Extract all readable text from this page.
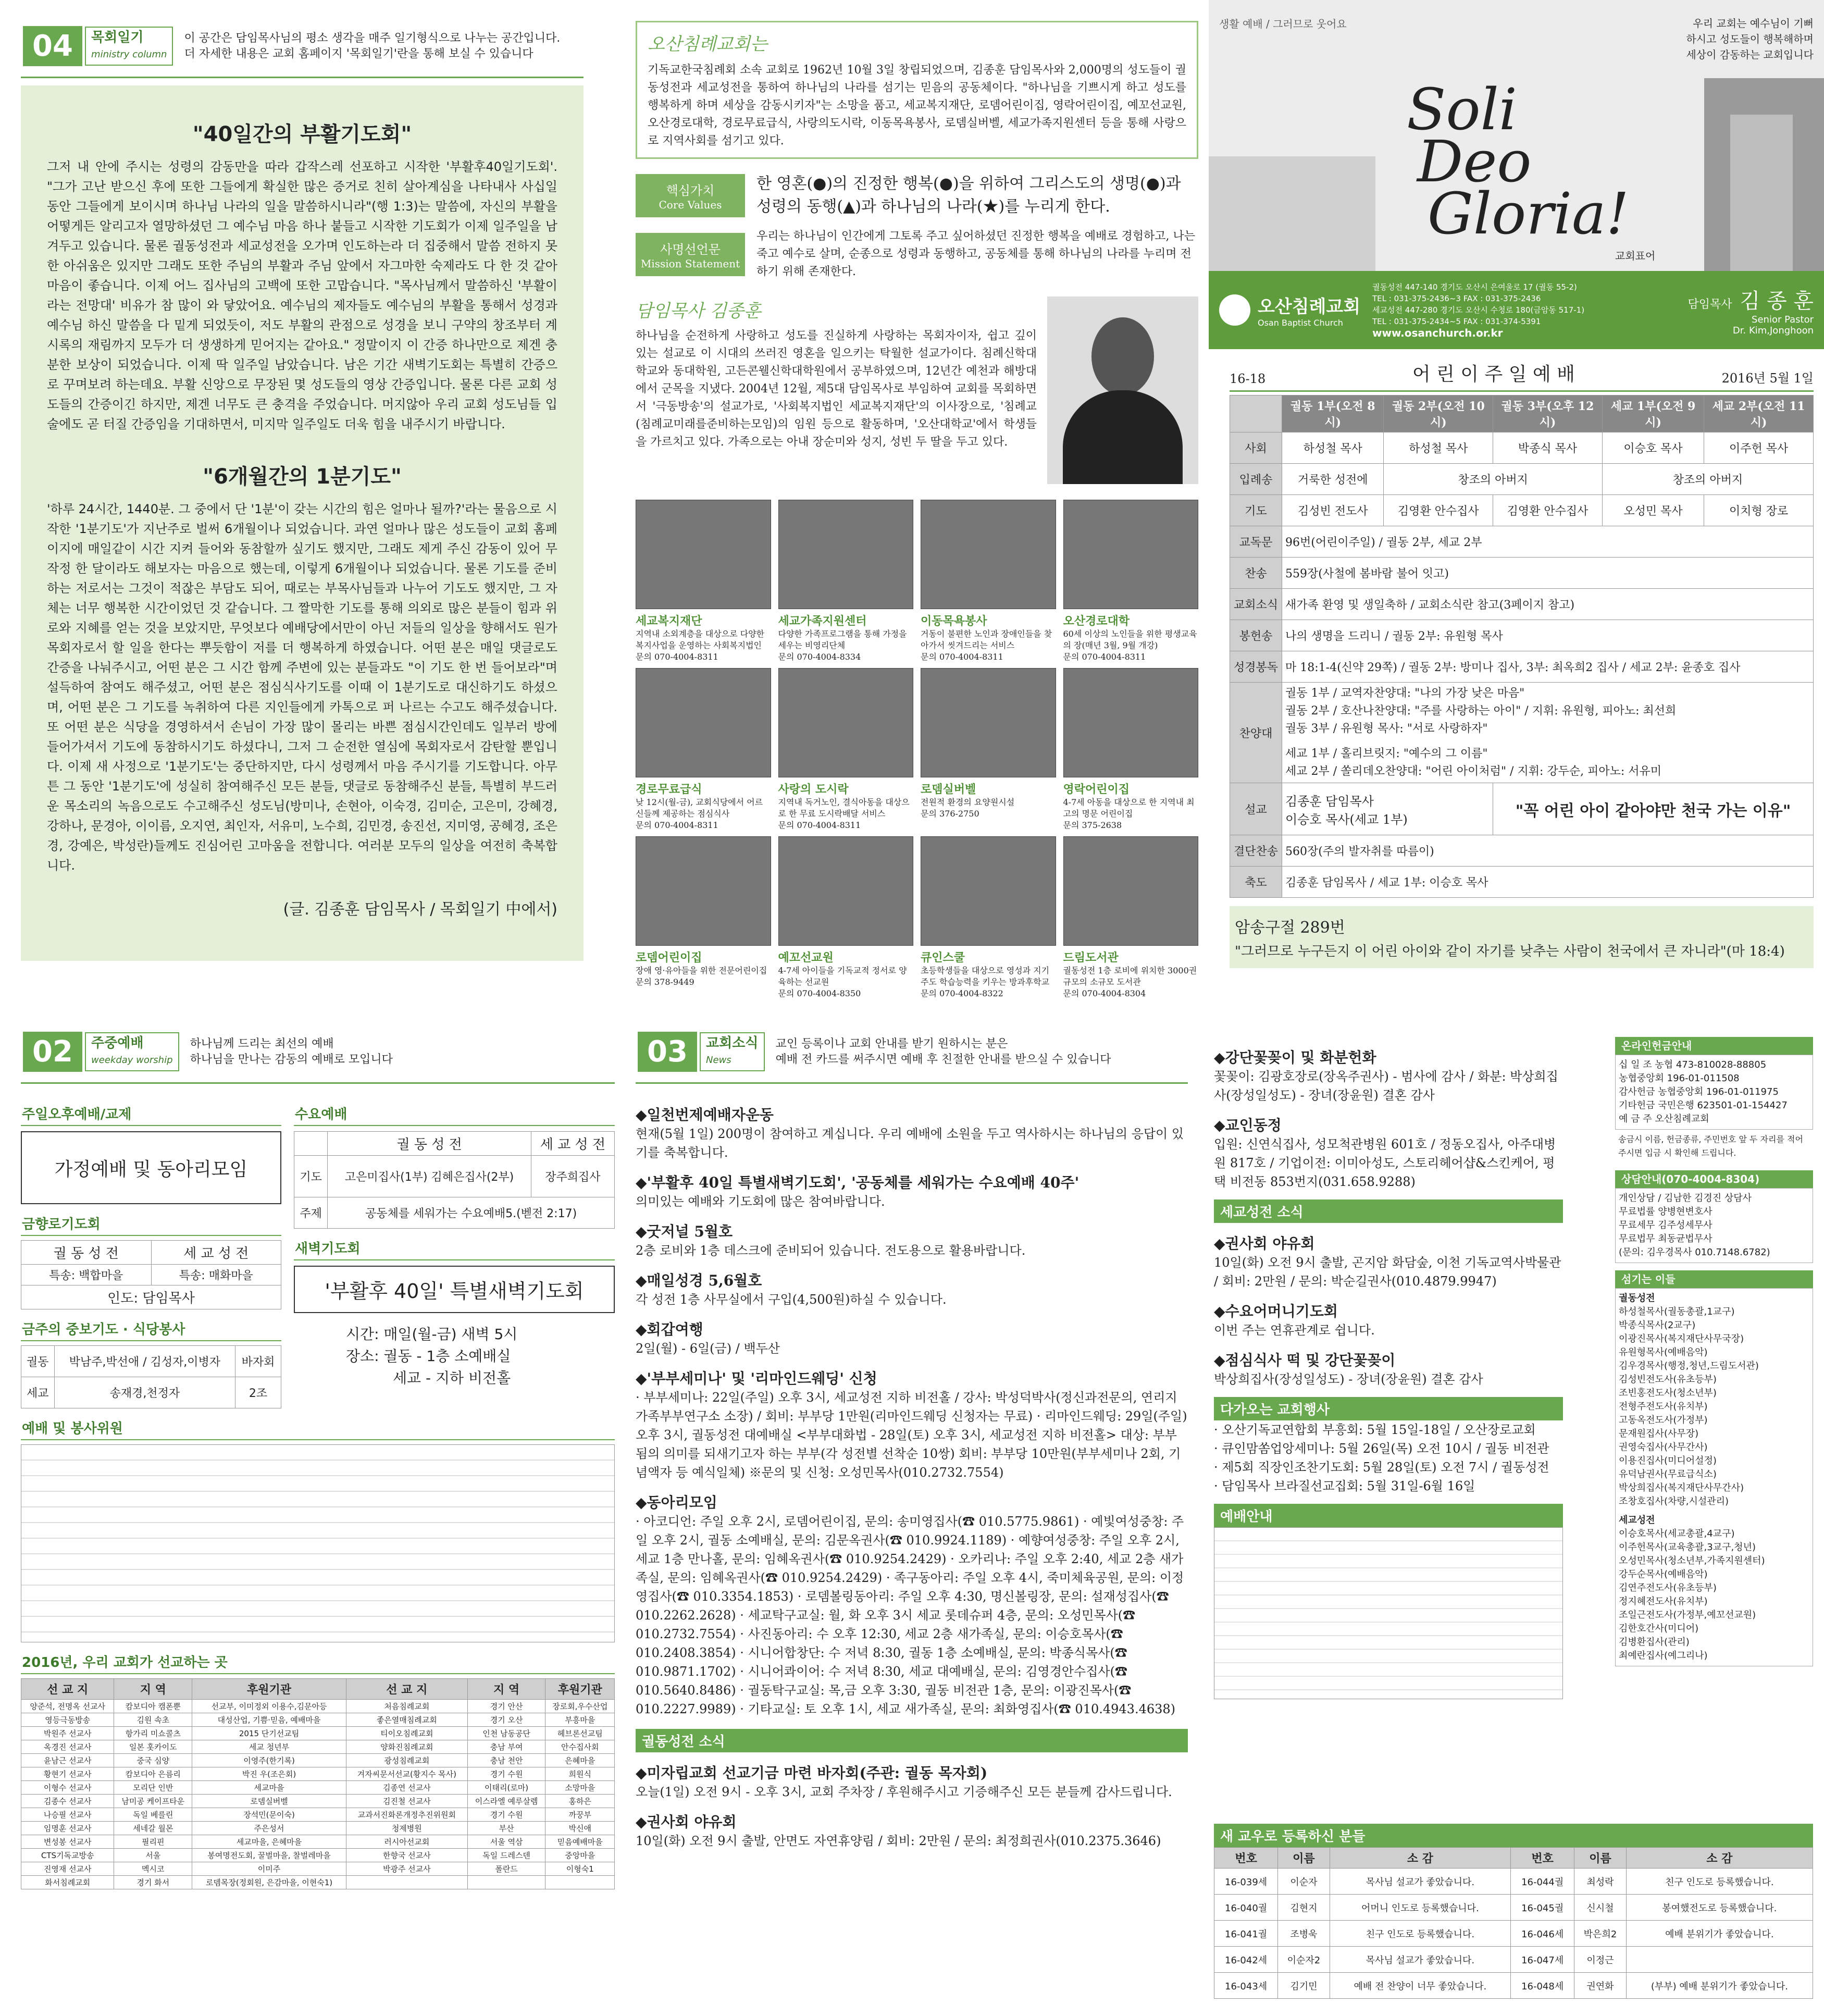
04 목회일기
ministry column 이 공간은 담임목사님의 평소 생각을 매주 일기형식으로 나누는 공간입니다.
더 자세한 내용은 교회 홈페이지 '목회일기'란을 통해 보실 수 있습니다
"40일간의 부활기도회"

그저 내 안에 주시는 성령의 감동만을 따라 갑작스레 선포하고 시작한 '부활후40일기도회'. "그가 고난 받으신 후에 또한 그들에게 확실한 많은 증거로 친히 살아계심을 나타내사 사십일 동안 그들에게 보이시며 하나님 나라의 일을 말씀하시니라"(행 1:3)는 말씀에, 자신의 부활을 어떻게든 알리고자 열망하셨던 그 예수님 마음 하나 붙들고 시작한 기도회가 이제 일주일을 남겨두고 있습니다. 물론 궐동성전과 세교성전을 오가며 인도하는라 더 집중해서 말씀 전하지 못한 아쉬움은 있지만 그래도 또한 주님의 부활과 주님 앞에서 자그마한 숙제라도 다 한 것 같아 마음이 좋습니다. 이제 어느 집사님의 고백에 또한 고맙습니다. "목사님께서 말씀하신 '부활이라는 전망대' 비유가 참 많이 와 닿았어요. 예수님의 제자들도 예수님의 부활을 통해서 성경과 예수님 하신 말씀을 다 밑게 되었듯이, 저도 부활의 관점으로 성경을 보니 구약의 창조부터 계시록의 재림까지 모두가 더 생생하게 믿어지는 같아요." 정말이지 이 간증 하나만으로 제겐 충분한 보상이 되었습니다. 이제 딱 일주일 남았습니다. 남은 기간 새벽기도회는 특별히 간증으로 꾸며보려 하는데요. 부활 신앙으로 무장된 몇 성도들의 영상 간증입니다. 물론 다른 교회 성도들의 간증이긴 하지만, 제겐 너무도 큰 충격을 주었습니다. 머지않아 우리 교회 성도님들 입술에도 곧 터질 간증임을 기대하면서, 미지막 일주일도 더욱 힘을 내주시기 바랍니다.

"6개월간의 1분기도"

'하루 24시간, 1440분. 그 중에서 단 '1분'이 갖는 시간의 힘은 얼마나 될까?'라는 물음으로 시작한 '1분기도'가 지난주로 벌써 6개월이나 되었습니다. 과연 얼마나 많은 성도들이 교회 홈페이지에 매일같이 시간 지켜 들어와 동참할까 싶기도 했지만, 그래도 제게 주신 감동이 있어 무작정 한 달이라도 해보자는 마음으로 했는데, 이렇게 6개월이나 되었습니다. 물론 기도를 준비하는 저로서는 그것이 적잖은 부담도 되어, 때로는 부목사님들과 나누어 기도도 했지만, 그 자체는 너무 행복한 시간이었던 것 같습니다. 그 짤막한 기도를 통해 의외로 많은 분들이 힘과 위로와 지혜를 얻는 것을 보았지만, 무엇보다 예배당에서만이 아닌 저들의 일상을 향해서도 원가 목회자로서 할 일을 한다는 뿌듯함이 저를 더 행복하게 하였습니다. 어떤 분은 매일 댓글로도 간증을 나눠주시고, 어떤 분은 그 시간 함께 주변에 있는 분들과도 "이 기도 한 번 들어보라"며 설득하여 참여도 해주셨고, 어떤 분은 점심식사기도를 이때 이 1분기도로 대신하기도 하셨으며, 어떤 분은 그 기도를 녹취하여 다른 지인들에게 카톡으로 퍼 나르는 수고도 해주셨습니다. 또 어떤 분은 식당을 경영하셔서 손님이 가장 많이 몰리는 바쁜 점심시간인데도 일부러 방에 들어가셔서 기도에 동참하시기도 하셨다니, 그저 그 순전한 열심에 목회자로서 감탄할 뿐입니다. 이제 새 사정으로 '1분기도'는 중단하지만, 다시 성령께서 마음 주시기를 기도합니다. 아무튼 그 동안 '1분기도'에 성실히 참여해주신 모든 분들, 댓글로 동참해주신 분들, 특별히 부드러운 목소리의 녹음으로도 수고해주신 성도님(방미나, 손현아, 이숙경, 김미순, 고은미, 강혜경, 강하나, 문경아, 이이름, 오지연, 최인자, 서유미, 노수희, 김민경, 송진선, 지미영, 공혜경, 조은경, 강예은, 박성란)들께도 진심어린 고마움을 전합니다. 여러분 모두의 일상을 여전히 축복합니다.

(글. 김종훈 담임목사 / 목회일기 中에서)

오산침례교회는

기독교한국침례회 소속 교회로 1962년 10월 3일 창립되었으며, 김종훈 담임목사와 2,000명의 성도들이 궐동성전과 세교성전을 통하여 하나님의 나라를 섬기는 믿음의 공동체이다. "하나님을 기쁘시게 하고 성도를 행복하게 하며 세상을 감동시키자"는 소망을 품고, 세교복지재단, 로뎀어린이집, 영락어린이집, 예꼬선교원, 오산경로대학, 경로무료급식, 사랑의도시락, 이동목욕봉사, 로뎀실버벨, 세교가족지원센터 등을 통해 사랑으로 지역사회를 섬기고 있다.

핵심가치
Core Values
한 영혼(●)의 진정한 행복(●)을 위하여 그리스도의 생명(●)과 성령의 동행(▲)과 하나님의 나라(★)를 누리게 한다.
사명선언문
Mission Statement
우리는 하나님이 인간에게 그토록 주고 싶어하셨던 진정한 행복을 예배로 경험하고, 나는 죽고 예수로 살며, 순종으로 성령과 동행하고, 공동체를 통해 하나님의 나라를 누리며 전하기 위해 존재한다.
담임목사 김종훈

하나님을 순전하게 사랑하고 성도를 진실하게 사랑하는 목회자이자, 쉽고 깊이 있는 설교로 이 시대의 쓰러진 영혼을 일으키는 탁월한 설교가이다. 침례신학대학교와 동대학원, 고든콘웰신학대학원에서 공부하였으며, 12년간 예천과 해방대에서 군목을 지냈다. 2004년 12월, 제5대 담임목사로 부임하여 교회를 목회하면서 '극동방송'의 설교가로, '사회복지법인 세교복지재단'의 이사장으로, '침례교(침례교미래를준비하는모임)의 임원 등으로 활동하며, '오산대학교'에서 학생들을 가르치고 있다. 가족으로는 아내 장순미와 성지, 성빈 두 딸을 두고 있다.

세교복지재단
지역내 소외계층을 대상으로 다양한 복지사업을 운영하는 사회복지법인
문의 070-4004-8311
세교가족지원센터
다양한 가족프로그램을 통해 가정을 세우는 비영리단체
문의 070-4004-8334
이동목욕봉사
거동이 불편한 노인과 장애인들을 찾아가서 씻겨드리는 서비스
문의 070-4004-8311
오산경로대학
60세 이상의 노인들을 위한 평생교육의 장(매년 3월, 9월 개강)
문의 070-4004-8311
경로무료급식
낮 12시(월-금), 교회식당에서 어르신들께 제공하는 점심식사
문의 070-4004-8311
사랑의 도시락
지역내 독거노인, 결식아동을 대상으로 한 무료 도시락배달 서비스
문의 070-4004-8311
로뎀실버벨
전원적 환경의 요양원시설
문의 376-2750
영락어린이집
4-7세 아동을 대상으로 한 지역내 최고의 명문 어린이집
문의 375-2638
로뎀어린이집
장애 영·유아들을 위한 전문어린이집
문의 378-9449
예꼬선교원
4-7세 아이들을 기독교적 정서로 양육하는 선교원
문의 070-4004-8350
큐인스쿨
초등학생들을 대상으로 영성과 지기주도 학습능력을 키우는 방과후학교
문의 070-4004-8322
드림도서관
궐동성전 1층 로비에 위치한 3000권 규모의 소규모 도서관
문의 070-4004-8304
생활 예배 / 그러므로 웃어요	우리 교회는 예수님이 기뻐하시고 성도들이 행복해하며 세상이 감동하는 교회입니다
Soli
Deo
Gloria!
교회표어
오산침례교회
Osan Baptist Church
궐동성전 447-140 경기도 오산시 은여울로 17 (궐동 55-2)
TEL : 031-375-2436~3 FAX : 031-375-2436
세교성전 447-280 경기도 오산시 수청로 180(금암동 517-1)
TEL : 031-375-2434~5 FAX : 031-374-5391
www.osanchurch.or.kr
담임목사 김 종 훈
Senior Pastor
Dr. Kim,Jonghoon
16-18	어 린 이 주 일 예 배	2016년 5월 1일
	궐동 1부(오전 8시)	궐동 2부(오전 10시)	궐동 3부(오후 12시)	세교 1부(오전 9시)	세교 2부(오전 11시)
사회	하성철 목사	하성철 목사	박종식 목사	이승호 목사	이주헌 목사
입례송	거룩한 성전에	창조의 아버지		창조의 아버지	
기도	김성빈 전도사	김영환 안수집사	김영환 안수집사	오성민 목사	이치형 장로
교독문	96번(어린이주일) / 궐동 2부, 세교 2부				
찬송	559장(사철에 봄바람 불어 잇고)				
교회소식	새가족 환영 및 생일축하 / 교회소식란 참고(3페이지 참고)				
봉헌송	나의 생명을 드리니 / 궐동 2부: 유원형 목사				
성경봉독	마 18:1-4(신약 29쪽) / 궐동 2부: 방미나 집사, 3부: 최옥희2 집사 / 세교 2부: 윤종호 집사				
찬양대	궐동 1부 / 교역자찬양대: "나의 가장 낮은 마음"
궐동 2부 / 호산나찬양대: "주를 사랑하는 아이" / 지휘: 유원형, 피아노: 최선희
궐동 3부 / 유원형 목사: "서로 사랑하자"
세교 1부 / 홀리브릿지: "예수의 그 이름"
세교 2부 / 쏠리데오찬양대: "어린 아이처럼" / 지휘: 강두순, 피아노: 서유미				

설교	김종훈 담임목사
이승호 목사(세교 1부)		"꼭 어린 아이 같아야만 천국 가는 이유"		
결단찬송	560장(주의 발자취를 따름이)				
축도	김종훈 담임목사 / 세교 1부: 이승호 목사				
암송구절 289번
"그러므로 누구든지 이 어린 아이와 같이 자기를 낮추는 사람이 천국에서 큰 자니라"(마 18:4)
02 주중예배
weekday worship 하나님께 드리는 최선의 예배
하나님을 만나는 감동의 예배로 모입니다
주일오후예배/교제
가정예배 및 동아리모임
금향로기도회
궐 동 성 전	세 교 성 전
특송: 백합마을	특송: 매화마을
인도: 담임목사	
금주의 중보기도 · 식당봉사
궐동	박남주,박선애 / 김성자,이병자	바자회
세교	송재경,천정자	2조
수요예배
	궐 동 성 전	세 교 성 전
기도	고은미집사(1부) 김혜은집사(2부)	장주희집사
주제	공동체를 세워가는 수요예배5.(벧전 2:17)	
새벽기도회
'부활후 40일' 특별새벽기도회
시간: 매일(월-금) 새벽 5시
장소: 궐동 - 1층 소예배실
세교 - 지하 비전홀
예배 및 봉사위원
2016년, 우리 교회가 선교하는 곳
선 교 지	지 역	후원기관	선 교 지	지 역	후원기관
양준석, 전명옥 선교사	캄보디아 캠폰뿐	선교부, 이미정외 이용수,김문아등	처음침례교회	경기 안산	장로회,우수산업
영등극동방송	김원 속초	대성산업, 기쁨·믿음, 예배마을	좋은열매침례교회	경기 오산	부흥마을
박원주 선교사	항가리 미쇼콜츠	2015 단기선교팀	티이오침례교회	인천 남동공단	헤브론선교팀
옥경진 선교사	일본 홋카이도	세교 청년부	양화진침례교회	충남 부여	안수집사회
윤남근 선교사	중국 심양	이영주(한기록)	광성침례교회	충남 천안	은혜마을
황현기 선교사	캄보디아 은름리	박진 우(조은회)	겨자씨문서선교(황지수 목사)	경기 수원	희원식
이형수 선교사	모리단 인반	세교마을	김종연 선교사	이태리(로마)	소망마을
김종수 선교사	남미공 케이프타운	로뎀실버벨	김진철 선교사	이스라엘 예루살렘	홍하은
나승필 선교사	독일 베를린	장석민(문이숙)	교과서진화론개정추진위원회	경기 수원	까꿍부
임명훈 선교사	세네갈 월몬	주은성서	청제병원	부산	박신애
변성봉 선교사	필리핀	세교마을, 은혜마을	러시아선교회	서울 역삼	믿음예배마을
CTS기독교방송	서울	봉여명전도회, 꿀벌마을, 찰벌레마을	한향국 선교사	독일 드레스덴	중앙마을
진영재 선교사	멕시코	이미주	박광주 선교사	폴란드	이형숙1
화서침례교회	경기 화서	로뎀목장(정회원, 은감마을, 이현숙1)			
03 교회소식
News 교인 등록이나 교회 안내를 받기 원하시는 분은
예배 전 카드를 써주시면 예배 후 친절한 안내를 받으실 수 있습니다
◆일천번제예배자운동
현재(5월 1일) 200명이 참여하고 계십니다. 우리 예배에 소원을 두고 역사하시는 하나님의 응답이 있기를 축복합니다.
◆'부활후 40일 특별새벽기도회', '공동체를 세워가는 수요예배 40주'
의미있는 예배와 기도회에 많은 참여바랍니다.
◆굿저널 5월호
2층 로비와 1층 데스크에 준비되어 있습니다. 전도용으로 활용바랍니다.
◆매일성경 5,6월호
각 성전 1층 사무실에서 구입(4,500원)하실 수 있습니다.
◆회갑여행
2일(월) - 6일(금) / 백두산
◆'부부세미나' 및 '리마인드웨딩' 신청
· 부부세미나: 22일(주일) 오후 3시, 세교성전 지하 비전홀 / 강사: 박성덕박사(정신과전문의, 연리지가족부부연구소 소장) / 회비: 부부당 1만원(리마인드웨딩 신청자는 무료) · 리마인드웨딩: 29일(주일) 오후 3시, 궐동성전 대예배실 <부부대화법 - 28일(토) 오후 3시, 세교성전 지하 비전홀> 대상: 부부됨의 의미를 되새기고자 하는 부부(각 성전별 선착순 10쌍) 회비: 부부당 10만원(부부세미나 2회, 기념액자 등 예식일체) ※문의 및 신청: 오성민목사(010.2732.7554)
◆동아리모임
· 아코디언: 주일 오후 2시, 로뎀어린이집, 문의: 송미영집사(☎ 010.5775.9861) · 예빛여성중창: 주일 오후 2시, 궐동 소예배실, 문의: 김문옥권사(☎ 010.9924.1189) · 예향여성중창: 주일 오후 2시, 세교 1층 만나홀, 문의: 임혜옥권사(☎ 010.9254.2429) · 오카리나: 주일 오후 2:40, 세교 2층 새가족실, 문의: 임혜옥권사(☎ 010.9254.2429) · 족구동아리: 주일 오후 4시, 죽미체육공원, 문의: 이정영집사(☎ 010.3354.1853) · 로뎀볼링동아리: 주일 오후 4:30, 명신볼링장, 문의: 설재성집사(☎ 010.2262.2628) · 세교탁구교실: 월, 화 오후 3시 세교 롯데슈퍼 4층, 문의: 오성민목사(☎ 010.2732.7554) · 사진동아리: 수 오후 12:30, 세교 2층 새가족실, 문의: 이승호목사(☎ 010.2408.3854) · 시니어합창단: 수 저녁 8:30, 궐동 1층 소예배실, 문의: 박종식목사(☎ 010.9871.1702) · 시니어콰이어: 수 저녁 8:30, 세교 대예배실, 문의: 김영경안수집사(☎ 010.5640.8486) · 궐동탁구교실: 목,금 오후 3:30, 궐동 비전관 1층, 문의: 이광진목사(☎ 010.2227.9989) · 기타교실: 토 오후 1시, 세교 새가족실, 문의: 최화영집사(☎ 010.4943.4638)
궐동성전 소식
◆미자립교회 선교기금 마련 바자회(주관: 궐동 목자회)
오늘(1일) 오전 9시 - 오후 3시, 교회 주차장 / 후원해주시고 기증해주신 모든 분들께 감사드립니다.
◆권사회 야유회
10일(화) 오전 9시 출발, 안면도 자연휴양림 / 회비: 2만원 / 문의: 최정희권사(010.2375.3646)
◆강단꽃꽂이 및 화분헌화
꽃꽂이: 김광호장로(장옥주권사) - 범사에 감사 / 화분: 박상희집사(장성일성도) - 장녀(장윤원) 결혼 감사
◆교인동정
입원: 신연식집사, 성모척관병원 601호 / 정동오집사, 아주대병원 817호 / 기업이전: 이미아성도, 스토리헤어샵&스킨케어, 평택 비전동 853번지(031.658.9288)
세교성전 소식
◆권사회 야유회
10일(화) 오전 9시 출발, 곤지암 화담숲, 이천 기독교역사박물관 / 회비: 2만원 / 문의: 박순길권사(010.4879.9947)
◆수요어머니기도회
이번 주는 연휴관계로 쉽니다.
◆점심식사 떡 및 강단꽃꽂이
박상희집사(장성일성도) - 장녀(장윤원) 결혼 감사
다가오는 교회행사
· 오산기독교연합회 부흥회: 5월 15일-18일 / 오산장로교회
· 큐인맘쏨업앙세미나: 5월 26일(목) 오전 10시 / 궐동 비전관
· 제5회 직장인조찬기도회: 5월 28일(토) 오전 7시 / 궐동성전
· 담임목사 브라질선교집회: 5월 31일-6월 16일
예배안내
온라인헌금안내
십 일 조 농협 473-810028-88805
농협중앙회 196-01-011508
감사헌금 농협중앙회 196-01-011975
기타헌금 국민은행 623501-01-154427
예 금 주 오산침례교회
송금시 이름, 헌금종류, 주민번호 앞 두 자리를 적어주시면 입금 시 확인해 드립니다.
상담안내(070-4004-8304)
개인상담 / 김남한 김경진 상담사
무료법률 양병현변호사
무료세무 김주성세무사
무료법무 최동균법무사
(문의: 김우경목사 010.7148.6782)
섬기는 이들
궐동성전
하성철목사(궐동총괄,1교구)
박종식목사(2교구)
이광진목사(복지재단사무국장)
유원형목사(예배음악)
김우경목사(행정,청년,드림도서관)
김성빈전도사(유초등부)
조빈홍전도사(청소년부)
전형주전도사(유치부)
고동옥전도사(가정부)
문재원집사(사무장)
권영숙집사(사무간사)
이용진집사(미디어설정)
유덕남권사(무료급식소)
박상희집사(복지재단사무간사)
조창호집사(차량,시설관리)
세교성전
이승호목사(세교총괄,4교구)
이주헌목사(교육총괄,3교구,청년)
오성민목사(청소년부,가족지원센터)
강두순목사(예배음악)
김연주전도사(유초등부)
정지혜전도사(유치부)
조일근전도사(가정부,예꼬선교원)
김한호간사(미디어)
김병환집사(관리)
최예란집사(예그리나)
새 교우로 등록하신 분들
번호	이름	소 감	번호	이름	소 감
16-039세	이순자	목사님 설교가 좋았습니다.	16-044궐	최성락	친구 인도로 등록했습니다.
16-040궐	김현지	어머니 인도로 등록했습니다.	16-045궐	신시철	봉여했전도로 등록했습니다.
16-041궐	조병욱	친구 인도로 등록했습니다.	16-046세	박은희2	예배 분위기가 좋았습니다.
16-042세	이순자2	목사님 설교가 좋았습니다.	16-047세	이정근	
16-043세	김기민	예배 전 찬양이 너무 좋았습니다.	16-048세	권연화	(부부) 예배 분위기가 좋았습니다.
